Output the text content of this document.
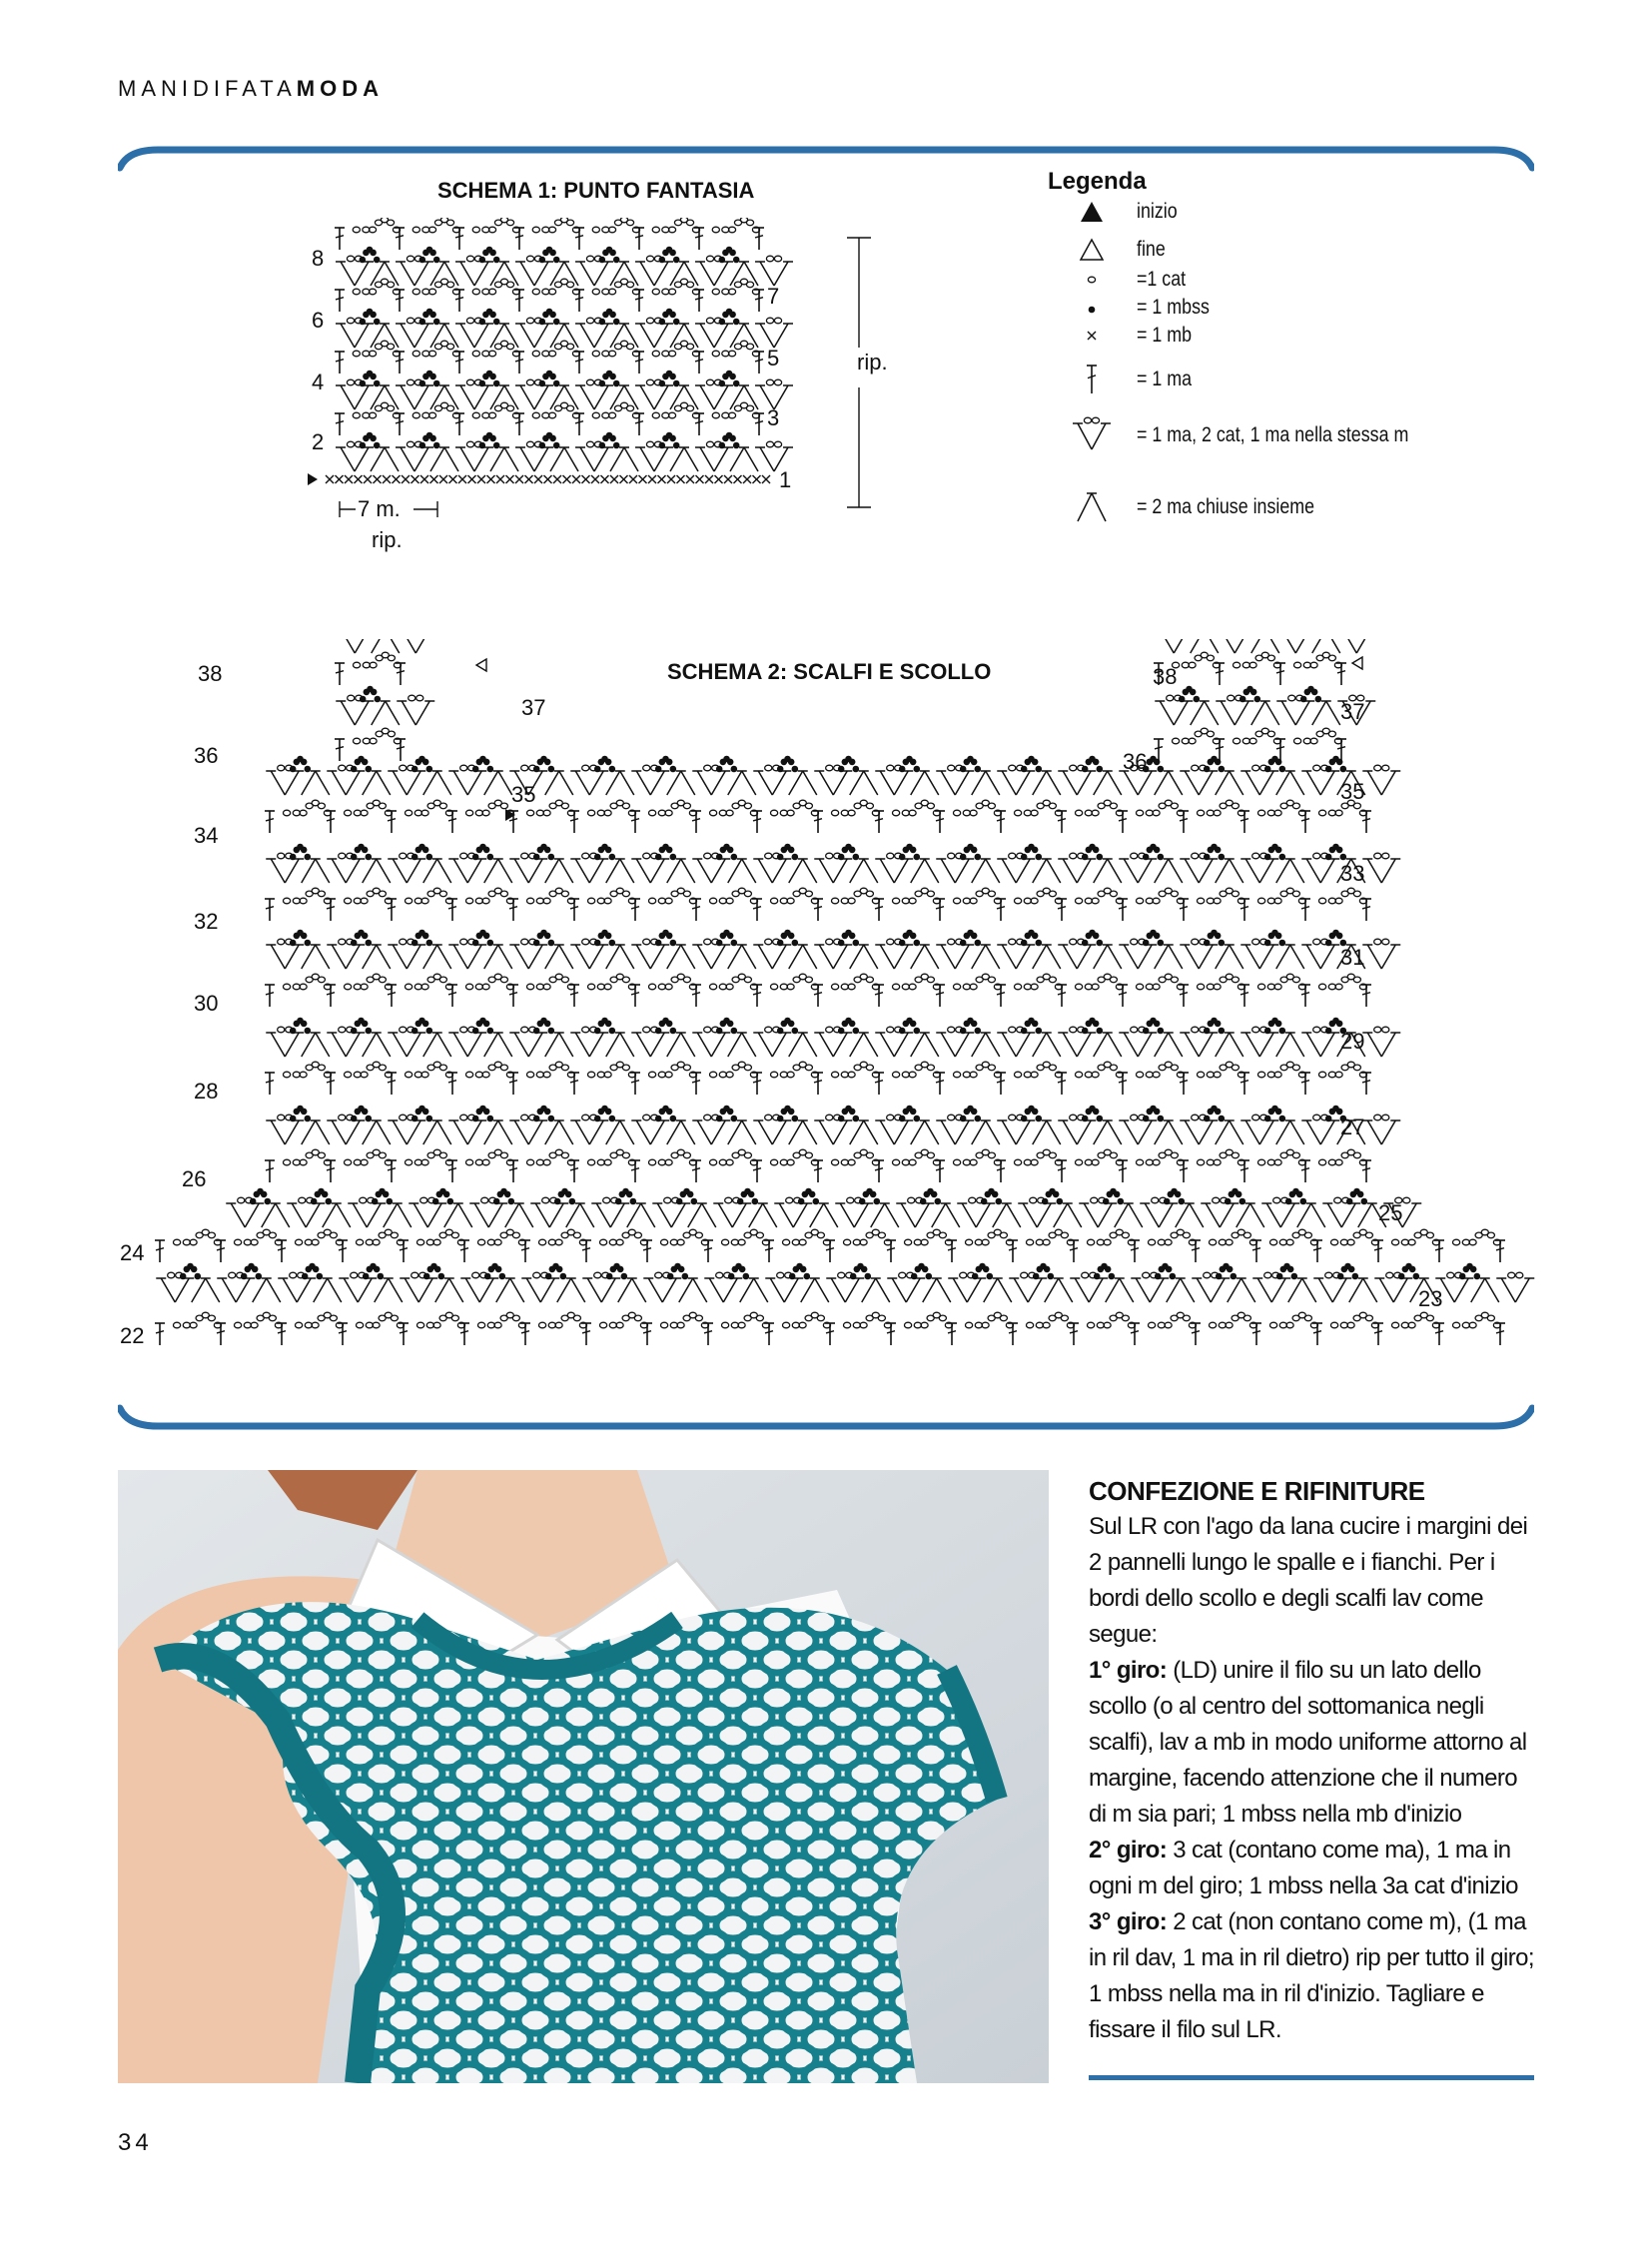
MANIDIFATAMODA
SCHEMA 1: PUNTO FANTASIA
2
4
6
8
1
3
5
7
rip.
7 m.
rip.
Legenda
inizio
fine
=1 cat
= 1 mbss
= 1 mb
= 1 ma
= 1 ma, 2 cat, 1 ma nella stessa m
= 2 ma chiuse insieme
SCHEMA 2: SCALFI E SCOLLO
22
24
26
28
30
32
34
36
38
23
25
27
29
31
33
35
37
35
37
36
38
CONFEZIONE E RIFINITURE
Sul LR con l'ago da lana cucire i margini dei 2 pannelli lungo le spalle e i fianchi. Per i bordi dello scollo e degli scalfi lav come segue:
1° giro: (LD) unire il filo su un lato dello scollo (o al centro del sottomanica negli scalfi), lav a mb in modo uniforme attorno al margine, facendo attenzione che il numero di m sia pari; 1 mbss nella mb d'inizio
2° giro: 3 cat (contano come ma), 1 ma in ogni m del giro; 1 mbss nella 3a cat d'inizio
3° giro: 2 cat (non contano come m), (1 ma in ril dav, 1 ma in ril dietro) rip per tutto il giro; 1 mbss nella ma in ril d'inizio. Tagliare e fissare il filo sul LR.
34
